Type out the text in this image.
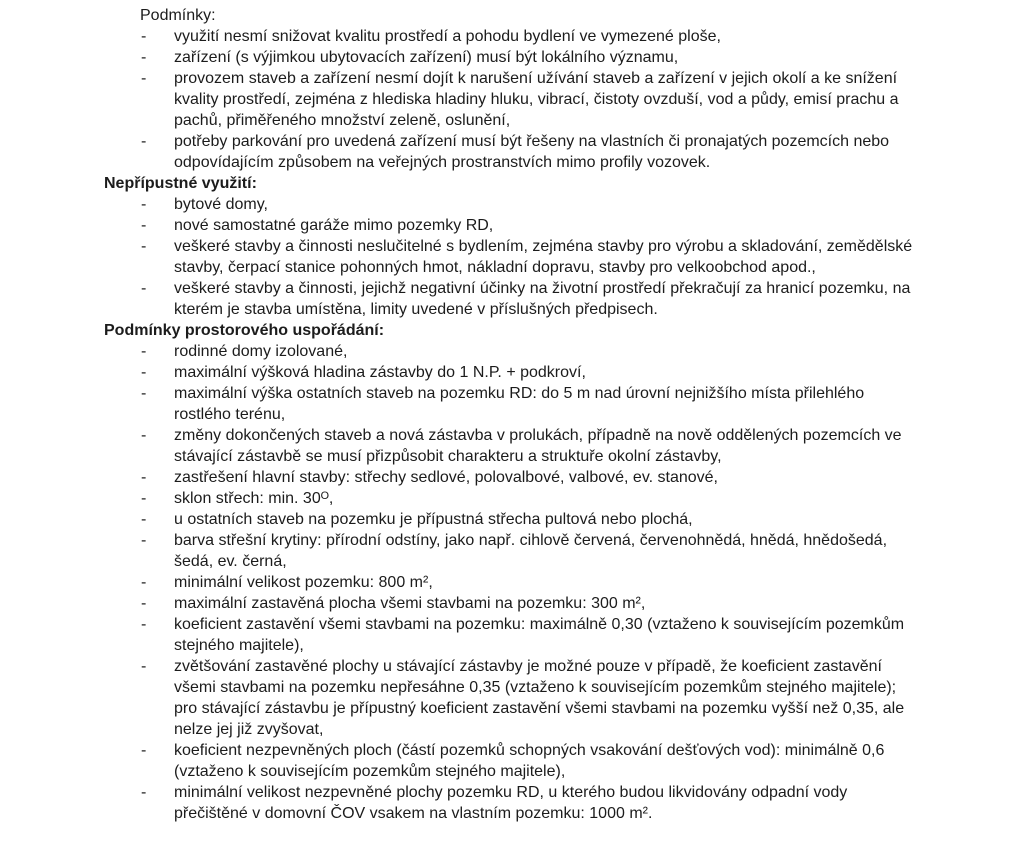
Podmínky:
-	využití nesmí snižovat kvalitu prostředí a pohodu bydlení ve vymezené ploše,
-	zařízení (s výjimkou ubytovacích zařízení) musí být lokálního významu,
-	provozem staveb a zařízení nesmí dojít k narušení užívání staveb a zařízení v jejich okolí a ke snížení kvality prostředí, zejména z hlediska hladiny hluku, vibrací, čistoty ovzduší, vod a půdy, emisí prachu a pachů, přiměřeného množství zeleně, oslunění,
-	potřeby parkování pro uvedená zařízení musí být řešeny na vlastních či pronajatých pozemcích nebo odpovídajícím způsobem na veřejných prostranstvích mimo profily vozovek.
Nepřípustné využití:
-	bytové domy,
-	nové samostatné garáže mimo pozemky RD,
-	veškeré stavby a činnosti neslučitelné s bydlením, zejména stavby pro výrobu a skladování, zemědělské stavby, čerpací stanice pohonných hmot, nákladní dopravu, stavby pro velkoobchod apod.,
-	veškeré stavby a činnosti, jejichž negativní účinky na životní prostředí překračují za hranicí pozemku, na kterém je stavba umístěna, limity uvedené v příslušných předpisech.
Podmínky prostorového uspořádání:
-	rodinné domy izolované,
-	maximální výšková hladina zástavby do 1 N.P. + podkroví,
-	maximální výška ostatních staveb na pozemku RD: do 5 m nad úrovní nejnižšího místa přilehlého rostlého terénu,
-	změny dokončených staveb a nová zástavba v prolukách, případně na nově oddělených pozemcích ve stávající zástavbě se musí přizpůsobit charakteru a struktuře okolní zástavby,
-	zastřešení hlavní stavby: střechy sedlové, polovalbové, valbové, ev. stanové,
-	sklon střech: min. 30ᴼ,
-	u ostatních staveb na pozemku je přípustná střecha pultová nebo plochá,
-	barva střešní krytiny: přírodní odstíny, jako např. cihlově červená, červenohnědá, hnědá, hnědošedá, šedá, ev. černá,
-	minimální velikost pozemku: 800 m²,
-	maximální zastavěná plocha všemi stavbami na pozemku: 300 m²,
-	koeficient zastavění všemi stavbami na pozemku: maximálně 0,30 (vztaženo k souvisejícím pozemkům stejného majitele),
-	zvětšování zastavěné plochy u stávající zástavby je možné pouze v případě, že koeficient zastavění všemi stavbami na pozemku nepřesáhne 0,35 (vztaženo k souvisejícím pozemkům stejného majitele); pro stávající zástavbu je přípustný koeficient zastavění všemi stavbami na pozemku vyšší než 0,35, ale nelze jej již zvyšovat,
-	koeficient nezpevněných ploch (částí pozemků schopných vsakování dešťových vod): minimálně 0,6 (vztaženo k souvisejícím pozemkům stejného majitele),
-	minimální velikost nezpevněné plochy pozemku RD, u kterého budou likvidovány odpadní vody přečištěné v domovní ČOV vsakem na vlastním pozemku: 1000 m².
